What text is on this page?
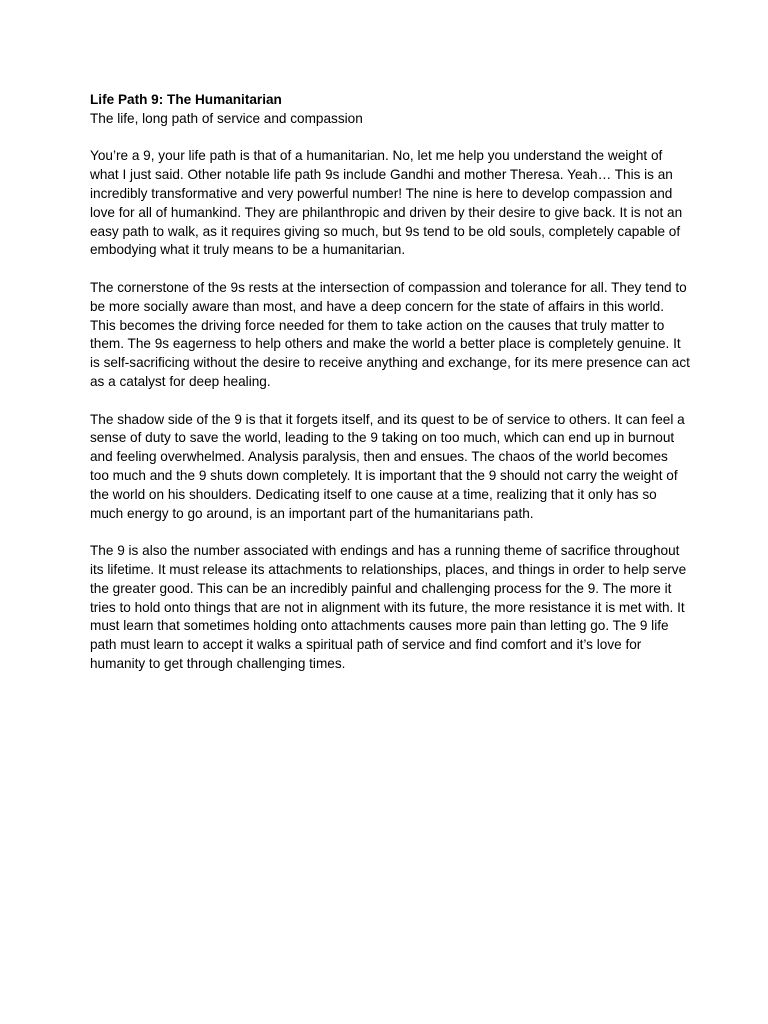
Life Path 9: The Humanitarian

The life, long path of service and compassion

You’re a 9, your life path is that of a humanitarian. No, let me help you understand the weight of what I just said. Other notable life path 9s include Gandhi and mother Theresa. Yeah… This is an incredibly transformative and very powerful number! The nine is here to develop compassion and love for all of humankind. They are philanthropic and driven by their desire to give back. It is not an easy path to walk, as it requires giving so much, but 9s tend to be old souls, completely capable of embodying what it truly means to be a humanitarian.

The cornerstone of the 9s rests at the intersection of compassion and tolerance for all. They tend to be more socially aware than most, and have a deep concern for the state of affairs in this world. This becomes the driving force needed for them to take action on the causes that truly matter to them. The 9s eagerness to help others and make the world a better place is completely genuine. It is self-sacrificing without the desire to receive anything and exchange, for its mere presence can act as a catalyst for deep healing.

The shadow side of the 9 is that it forgets itself, and its quest to be of service to others. It can feel a sense of duty to save the world, leading to the 9 taking on too much, which can end up in burnout and feeling overwhelmed. Analysis paralysis, then and ensues. The chaos of the world becomes too much and the 9 shuts down completely. It is important that the 9 should not carry the weight of the world on his shoulders. Dedicating itself to one cause at a time, realizing that it only has so much energy to go around, is an important part of the humanitarians path.

The 9 is also the number associated with endings and has a running theme of sacrifice throughout its lifetime. It must release its attachments to relationships, places, and things in order to help serve the greater good. This can be an incredibly painful and challenging process for the 9. The more it tries to hold onto things that are not in alignment with its future, the more resistance it is met with. It must learn that sometimes holding onto attachments causes more pain than letting go. The 9 life path must learn to accept it walks a spiritual path of service and find comfort and it’s love for humanity to get through challenging times.
